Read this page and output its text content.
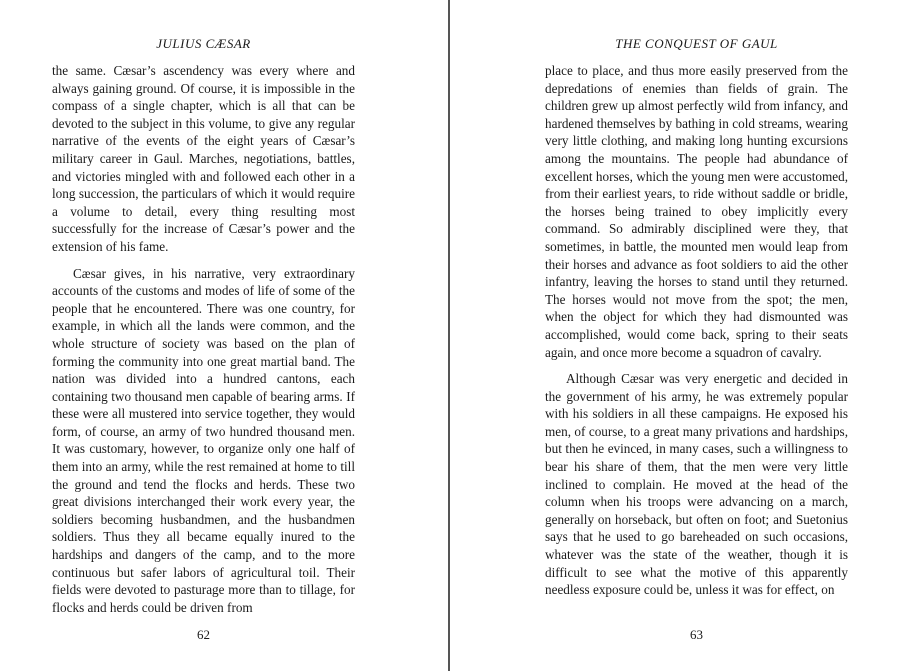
JULIUS CÆSAR

the same. Cæsar’s ascendency was every where and always gaining ground. Of course, it is impossible in the compass of a single chapter, which is all that can be devoted to the subject in this volume, to give any regular narrative of the events of the eight years of Cæsar’s military career in Gaul. Marches, negotiations, battles, and victories mingled with and followed each other in a long succession, the particulars of which it would require a volume to detail, every thing resulting most successfully for the increase of Cæsar’s power and the extension of his fame.

Cæsar gives, in his narrative, very extraordinary accounts of the customs and modes of life of some of the people that he encountered. There was one country, for example, in which all the lands were common, and the whole structure of society was based on the plan of forming the community into one great martial band. The nation was divided into a hundred cantons, each containing two thousand men capable of bearing arms. If these were all mustered into service together, they would form, of course, an army of two hundred thousand men. It was customary, however, to organize only one half of them into an army, while the rest remained at home to till the ground and tend the flocks and herds. These two great divisions interchanged their work every year, the soldiers becoming husbandmen, and the husbandmen soldiers. Thus they all became equally inured to the hardships and dangers of the camp, and to the more continuous but safer labors of agricultural toil. Their fields were devoted to pasturage more than to tillage, for flocks and herds could be driven from

62
THE CONQUEST OF GAUL

place to place, and thus more easily preserved from the depredations of enemies than fields of grain. The children grew up almost perfectly wild from infancy, and hardened themselves by bathing in cold streams, wearing very little clothing, and making long hunting excursions among the mountains. The people had abundance of excellent horses, which the young men were accustomed, from their earliest years, to ride without saddle or bridle, the horses being trained to obey implicitly every command. So admirably disciplined were they, that sometimes, in battle, the mounted men would leap from their horses and advance as foot soldiers to aid the other infantry, leaving the horses to stand until they returned. The horses would not move from the spot; the men, when the object for which they had dismounted was accomplished, would come back, spring to their seats again, and once more become a squadron of cavalry.

Although Cæsar was very energetic and decided in the government of his army, he was extremely popular with his soldiers in all these campaigns. He exposed his men, of course, to a great many privations and hardships, but then he evinced, in many cases, such a willingness to bear his share of them, that the men were very little inclined to complain. He moved at the head of the column when his troops were advancing on a march, generally on horseback, but often on foot; and Suetonius says that he used to go bareheaded on such occasions, whatever was the state of the weather, though it is difficult to see what the motive of this apparently needless exposure could be, unless it was for effect, on

63
